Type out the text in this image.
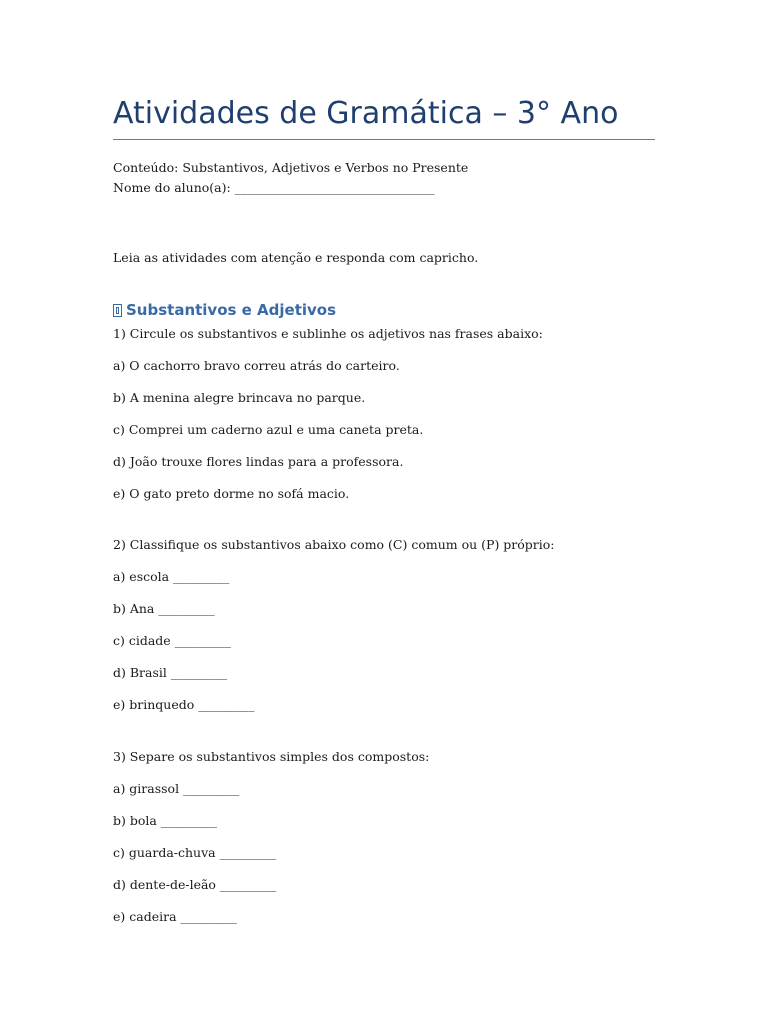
Atividades de Gramática – 3° Ano

Conteúdo: Substantivos, Adjetivos e Verbos no Presente

Nome do aluno(a): ________________________________

Leia as atividades com atenção e responda com capricho.

Substantivos e Adjetivos

1) Circule os substantivos e sublinhe os adjetivos nas frases abaixo:

a) O cachorro bravo correu atrás do carteiro.

b) A menina alegre brincava no parque.

c) Comprei um caderno azul e uma caneta preta.

d) João trouxe flores lindas para a professora.

e) O gato preto dorme no sofá macio.

2) Classifique os substantivos abaixo como (C) comum ou (P) próprio:

a) escola _________

b) Ana _________

c) cidade _________

d) Brasil _________

e) brinquedo _________

3) Separe os substantivos simples dos compostos:

a) girassol _________

b) bola _________

c) guarda-chuva _________

d) dente-de-leão _________

e) cadeira _________
